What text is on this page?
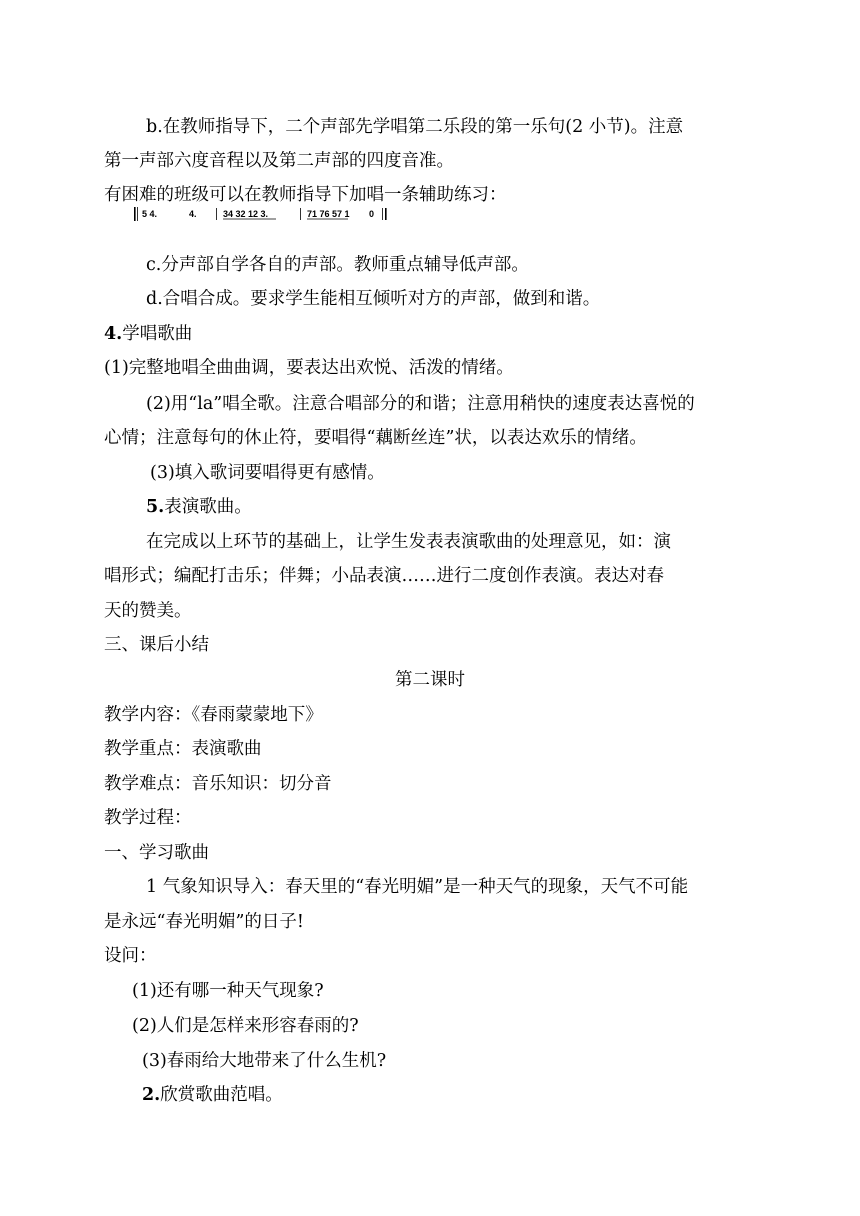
b.在教师指导下，二个声部先学唱第二乐段的第一乐句(2 小节)。注意
第一声部六度音程以及第二声部的四度音准。
有困难的班级可以在教师指导下加唱一条辅助练习：
5 4.	4.	34 32 12 3.	71 76 57 1 0
c.分声部自学各自的声部。教师重点辅导低声部。
d.合唱合成。要求学生能相互倾听对方的声部，做到和谐。
4.学唱歌曲
(1)完整地唱全曲曲调，要表达出欢悦、活泼的情绪。
(2)用“la”唱全歌。注意合唱部分的和谐；注意用稍快的速度表达喜悦的
心情；注意每句的休止符，要唱得“藕断丝连”状，以表达欢乐的情绪。
(3)填入歌词要唱得更有感情。
5.表演歌曲。
在完成以上环节的基础上，让学生发表表演歌曲的处理意见，如：演
唱形式；编配打击乐；伴舞；小品表演……进行二度创作表演。表达对春
天的赞美。
三、课后小结
第二课时
教学内容：《春雨蒙蒙地下》
教学重点：表演歌曲
教学难点：音乐知识：切分音
教学过程：
一、学习歌曲
1 气象知识导入：春天里的“春光明媚”是一种天气的现象，天气不可能
是永远“春光明媚”的日子!
设问：
(1)还有哪一种天气现象?
(2)人们是怎样来形容春雨的?
(3)春雨给大地带来了什么生机?
2.欣赏歌曲范唱。
